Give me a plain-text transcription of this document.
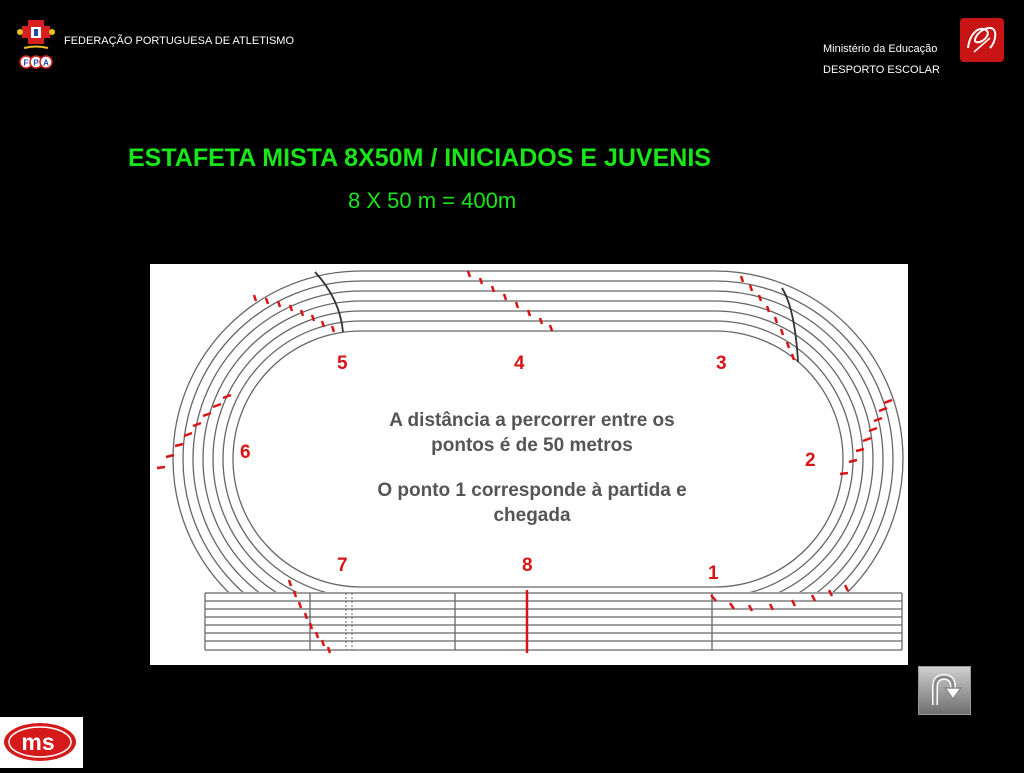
F P A
FEDERAÇÃO PORTUGUESA DE ATLETISMO
Ministério da Educação
DESPORTO ESCOLAR
ESTAFETA MISTA 8X50M / INICIADOS E JUVENIS
8 X 50 m = 400m
5	4	3
6	2
7	8	1
A distância a percorrer entre os pontos é de 50 metros
O ponto 1 corresponde à partida e chegada
ms
